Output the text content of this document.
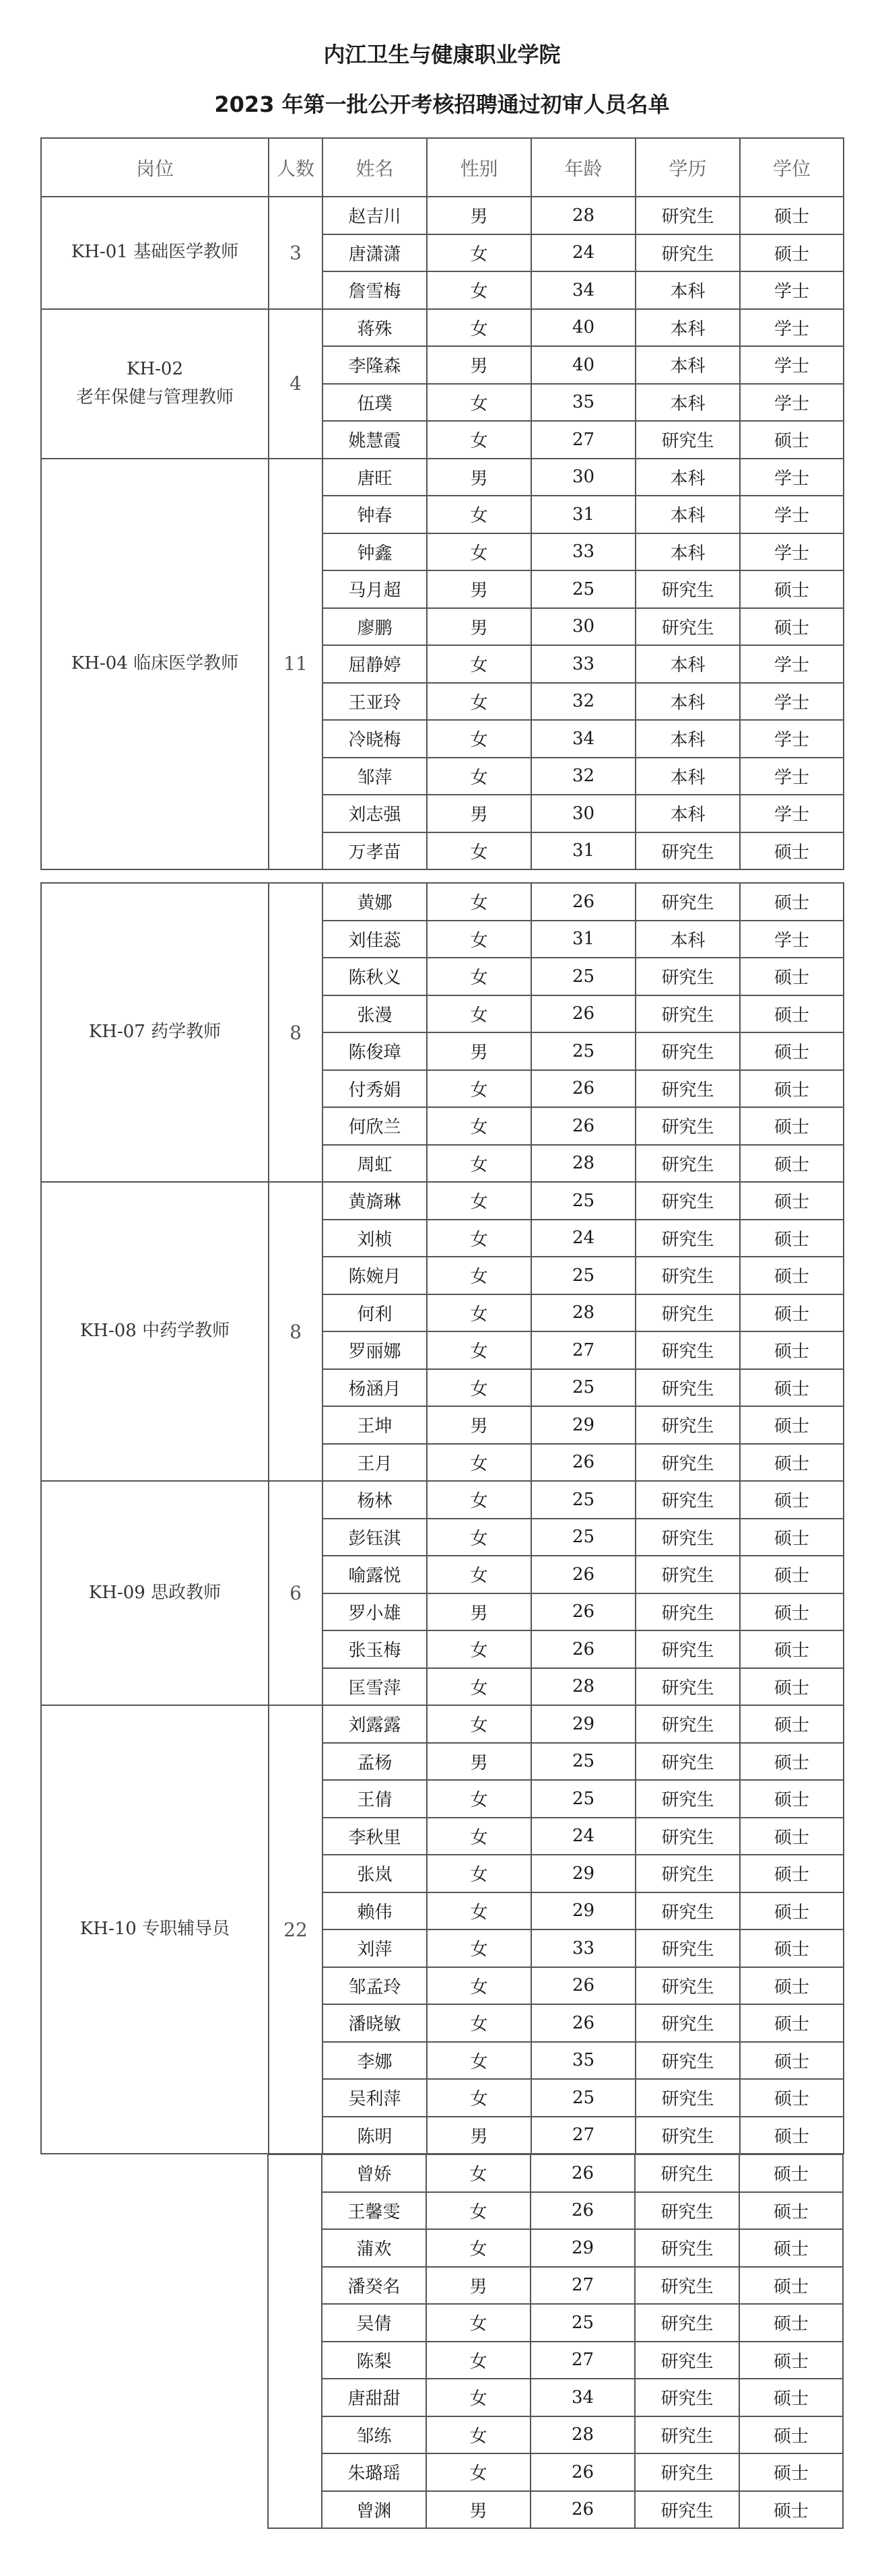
内江卫生与健康职业学院
2023 年第一批公开考核招聘通过初审人员名单
岗位	人数	姓名	性别	年龄	学历	学位

KH-01 基础医学教师	3	赵吉川	男	28	研究生	硕士
		唐潇潇	女	24	研究生	硕士
		詹雪梅	女	34	本科	学士

KH-02
老年保健与管理教师	4	蒋殊	女	40	本科	学士
		李隆森	男	40	本科	学士
		伍璞	女	35	本科	学士
		姚慧霞	女	27	研究生	硕士

KH-04 临床医学教师	11	唐旺	男	30	本科	学士
		钟春	女	31	本科	学士
		钟鑫	女	33	本科	学士
		马月超	男	25	研究生	硕士
		廖鹏	男	30	研究生	硕士
		屈静婷	女	33	本科	学士
		王亚玲	女	32	本科	学士
		冷晓梅	女	34	本科	学士
		邹萍	女	32	本科	学士
		刘志强	男	30	本科	学士
		万孝苗	女	31	研究生	硕士
KH-07 药学教师	8	黄娜	女	26	研究生	硕士
		刘佳蕊	女	31	本科	学士
		陈秋义	女	25	研究生	硕士
		张漫	女	26	研究生	硕士
		陈俊璋	男	25	研究生	硕士
		付秀娟	女	26	研究生	硕士
		何欣兰	女	26	研究生	硕士
		周虹	女	28	研究生	硕士

KH-08 中药学教师	8	黄旖琳	女	25	研究生	硕士
		刘桢	女	24	研究生	硕士
		陈婉月	女	25	研究生	硕士
		何利	女	28	研究生	硕士
		罗丽娜	女	27	研究生	硕士
		杨涵月	女	25	研究生	硕士
		王坤	男	29	研究生	硕士
		王月	女	26	研究生	硕士

KH-09 思政教师	6	杨林	女	25	研究生	硕士
		彭钰淇	女	25	研究生	硕士
		喻露悦	女	26	研究生	硕士
		罗小雄	男	26	研究生	硕士
		张玉梅	女	26	研究生	硕士
		匡雪萍	女	28	研究生	硕士

KH-10 专职辅导员	22	刘露露	女	29	研究生	硕士
		孟杨	男	25	研究生	硕士
		王倩	女	25	研究生	硕士
		李秋里	女	24	研究生	硕士
		张岚	女	29	研究生	硕士
		赖伟	女	29	研究生	硕士
		刘萍	女	33	研究生	硕士
		邹孟玲	女	26	研究生	硕士
		潘晓敏	女	26	研究生	硕士
		李娜	女	35	研究生	硕士
		吴利萍	女	25	研究生	硕士
		陈明	男	27	研究生	硕士
		曾娇	女	26	研究生	硕士
		王馨雯	女	26	研究生	硕士
		蒲欢	女	29	研究生	硕士
		潘癸名	男	27	研究生	硕士
		吴倩	女	25	研究生	硕士
		陈梨	女	27	研究生	硕士
		唐甜甜	女	34	研究生	硕士
		邹练	女	28	研究生	硕士
		朱璐瑶	女	26	研究生	硕士
		曾渊	男	26	研究生	硕士
